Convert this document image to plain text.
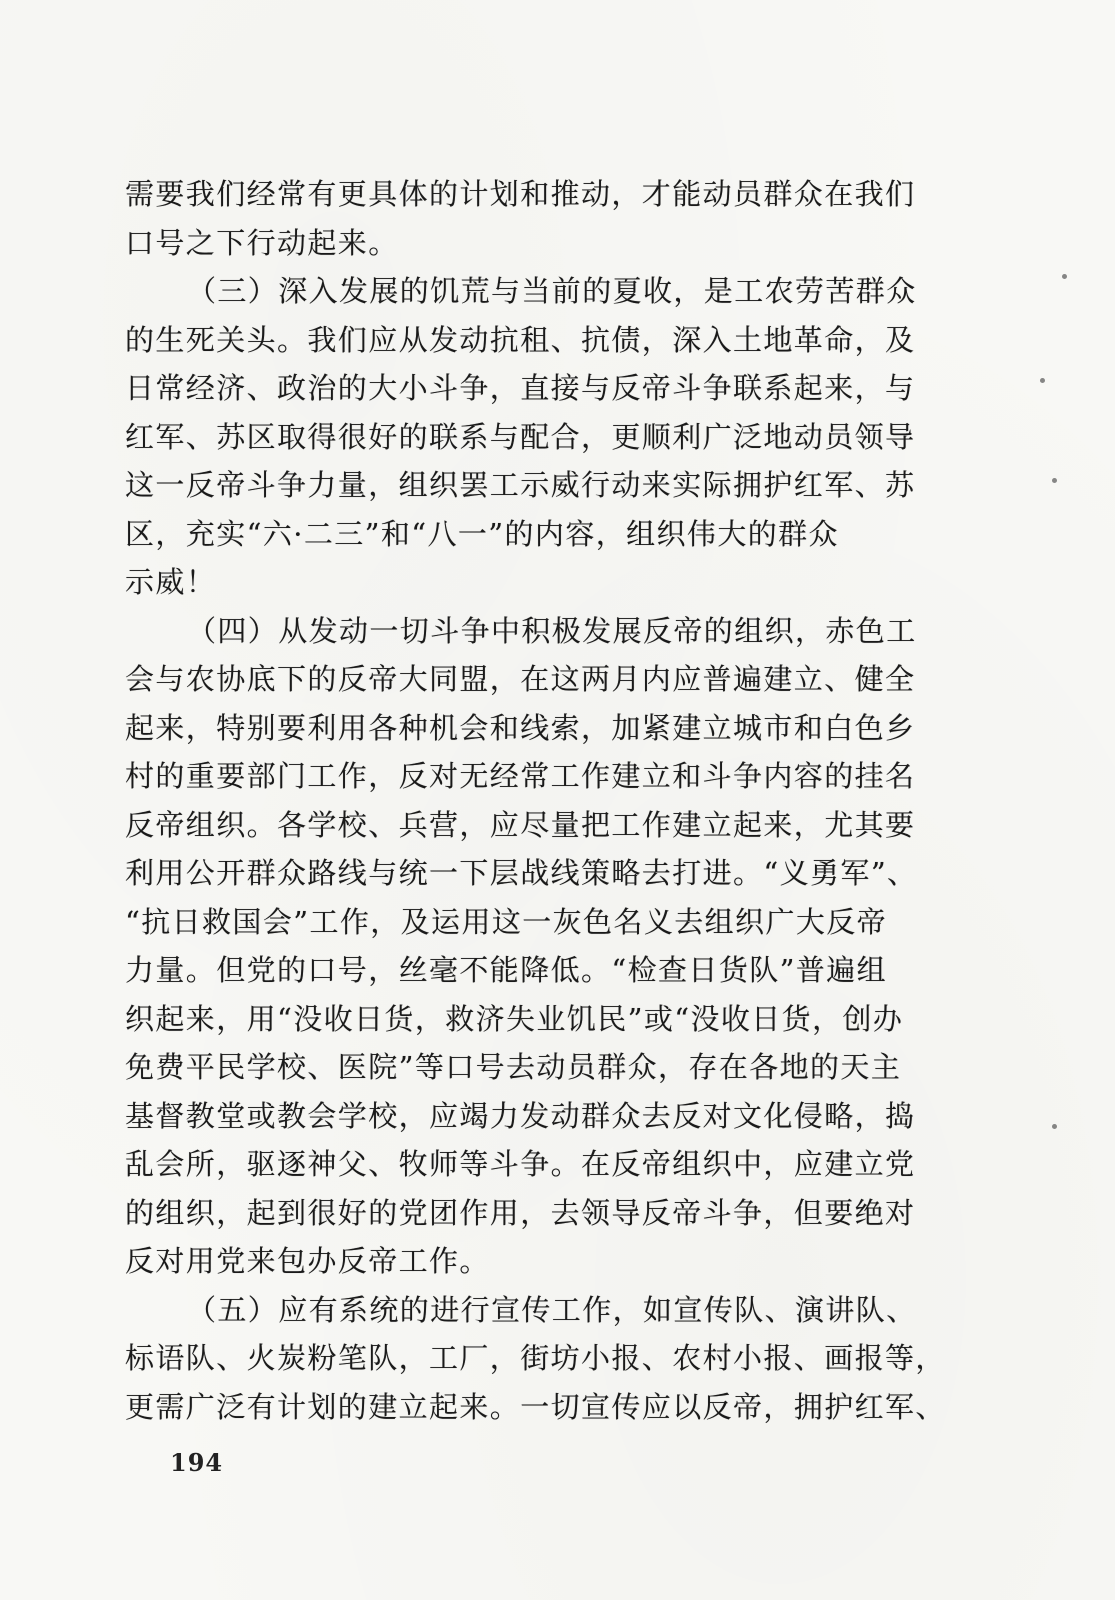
需要我们经常有更具体的计划和推动，才能动员群众在我们
口号之下行动起来。
（三）深入发展的饥荒与当前的夏收，是工农劳苦群众
的生死关头。我们应从发动抗租、抗债，深入土地革命，及
日常经济、政治的大小斗争，直接与反帝斗争联系起来，与
红军、苏区取得很好的联系与配合，更顺利广泛地动员领导
这一反帝斗争力量，组织罢工示威行动来实际拥护红军、苏
区，充实“六·二三”和“八一”的内容，组织伟大的群众
示威！
（四）从发动一切斗争中积极发展反帝的组织，赤色工
会与农协底下的反帝大同盟，在这两月内应普遍建立、健全
起来，特别要利用各种机会和线索，加紧建立城市和白色乡
村的重要部门工作，反对无经常工作建立和斗争内容的挂名
反帝组织。各学校、兵营，应尽量把工作建立起来，尤其要
利用公开群众路线与统一下层战线策略去打进。“义勇军”、
“抗日救国会”工作，及运用这一灰色名义去组织广大反帝
力量。但党的口号，丝毫不能降低。“检查日货队”普遍组
织起来，用“没收日货，救济失业饥民”或“没收日货，创办
免费平民学校、医院”等口号去动员群众，存在各地的天主
基督教堂或教会学校，应竭力发动群众去反对文化侵略，捣
乱会所，驱逐神父、牧师等斗争。在反帝组织中，应建立党
的组织，起到很好的党团作用，去领导反帝斗争，但要绝对
反对用党来包办反帝工作。
（五）应有系统的进行宣传工作，如宣传队、演讲队、
标语队、火炭粉笔队，工厂，街坊小报、农村小报、画报等，
更需广泛有计划的建立起来。一切宣传应以反帝，拥护红军、
194
